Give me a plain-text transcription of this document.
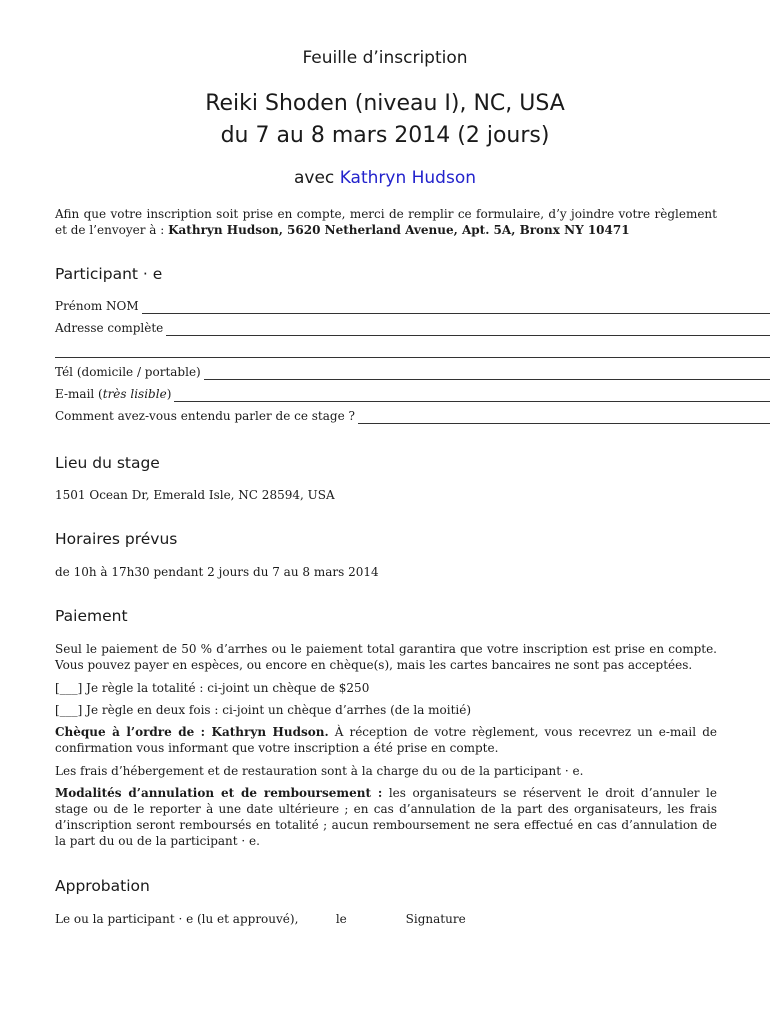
Feuille d’inscription
Reiki Shoden (niveau I), NC, USA
du 7 au 8 mars 2014 (2 jours)
avec Kathryn Hudson
Afin que votre inscription soit prise en compte, merci de remplir ce formulaire, d’y joindre votre règlement et de l’envoyer à : Kathryn Hudson, 5620 Netherland Avenue, Apt. 5A, Bronx NY 10471
Participant · e
Prénom NOM
Adresse complète
Tél (domicile / portable)
E-mail (très lisible)
Comment avez-vous entendu parler de ce stage ?
Lieu du stage
1501 Ocean Dr, Emerald Isle, NC 28594, USA
Horaires prévus
de 10h à 17h30 pendant 2 jours du 7 au 8 mars 2014
Paiement
Seul le paiement de 50 % d’arrhes ou le paiement total garantira que votre inscription est prise en compte. Vous pouvez payer en espèces, ou encore en chèque(s), mais les cartes bancaires ne sont pas acceptées.
[___] Je règle la totalité : ci-joint un chèque de $250
[___] Je règle en deux fois : ci-joint un chèque d’arrhes (de la moitié)
Chèque à l’ordre de : Kathryn Hudson. À réception de votre règlement, vous recevrez un e-mail de confirmation vous informant que votre inscription a été prise en compte.
Les frais d’hébergement et de restauration sont à la charge du ou de la participant · e.
Modalités d’annulation et de remboursement : les organisateurs se réservent le droit d’annuler le stage ou de le reporter à une date ultérieure ; en cas d’annulation de la part des organisateurs, les frais d’inscription seront remboursés en totalité ; aucun remboursement ne sera effectué en cas d’annulation de la part du ou de la participant · e.
Approbation
Le ou la participant · e (lu et approuvé),	le	Signature
